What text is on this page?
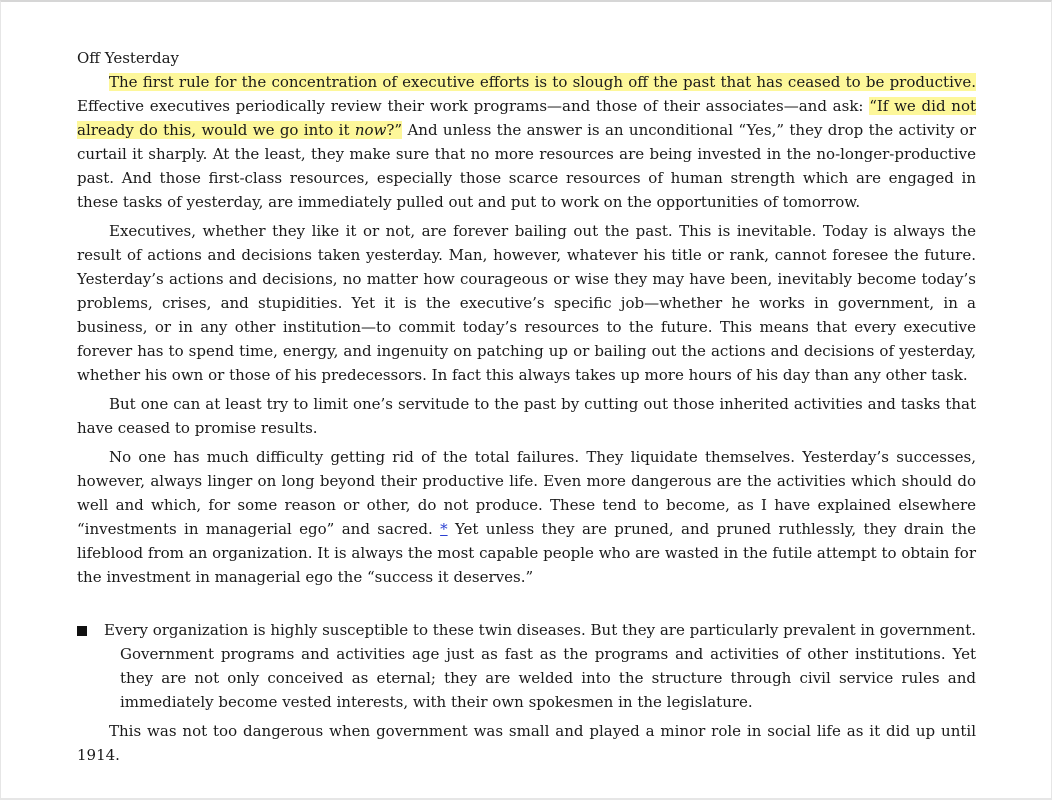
Off Yesterday

The first rule for the concentration of executive efforts is to slough off the past that has ceased to be productive. Effective executives periodically review their work programs—and those of their associates—and ask: “If we did not already do this, would we go into it now?” And unless the answer is an unconditional “Yes,” they drop the activity or curtail it sharply. At the least, they make sure that no more resources are being invested in the no-longer-productive past. And those first-class resources, especially those scarce resources of human strength which are engaged in these tasks of yesterday, are immediately pulled out and put to work on the opportunities of tomorrow.

Executives, whether they like it or not, are forever bailing out the past. This is inevitable. Today is always the result of actions and decisions taken yesterday. Man, however, whatever his title or rank, cannot foresee the future. Yesterday’s actions and decisions, no matter how courageous or wise they may have been, inevitably become today’s problems, crises, and stupidities. Yet it is the executive’s specific job—whether he works in government, in a business, or in any other institution—to commit today’s resources to the future. This means that every executive forever has to spend time, energy, and ingenuity on patching up or bailing out the actions and decisions of yesterday, whether his own or those of his predecessors. In fact this always takes up more hours of his day than any other task.

But one can at least try to limit one’s servitude to the past by cutting out those inherited activities and tasks that have ceased to promise results.

No one has much difficulty getting rid of the total failures. They liquidate themselves. Yesterday’s successes, however, always linger on long beyond their productive life. Even more dangerous are the activities which should do well and which, for some reason or other, do not produce. These tend to become, as I have explained elsewhere “investments in managerial ego” and sacred. * Yet unless they are pruned, and pruned ruthlessly, they drain the lifeblood from an organization. It is always the most capable people who are wasted in the futile attempt to obtain for the investment in managerial ego the “success it deserves.”

Every organization is highly susceptible to these twin diseases. But they are particularly prevalent in government. Government programs and activities age just as fast as the programs and activities of other institutions. Yet they are not only conceived as eternal; they are welded into the structure through civil service rules and immediately become vested interests, with their own spokesmen in the legislature.

This was not too dangerous when government was small and played a minor role in social life as it did up until 1914.
